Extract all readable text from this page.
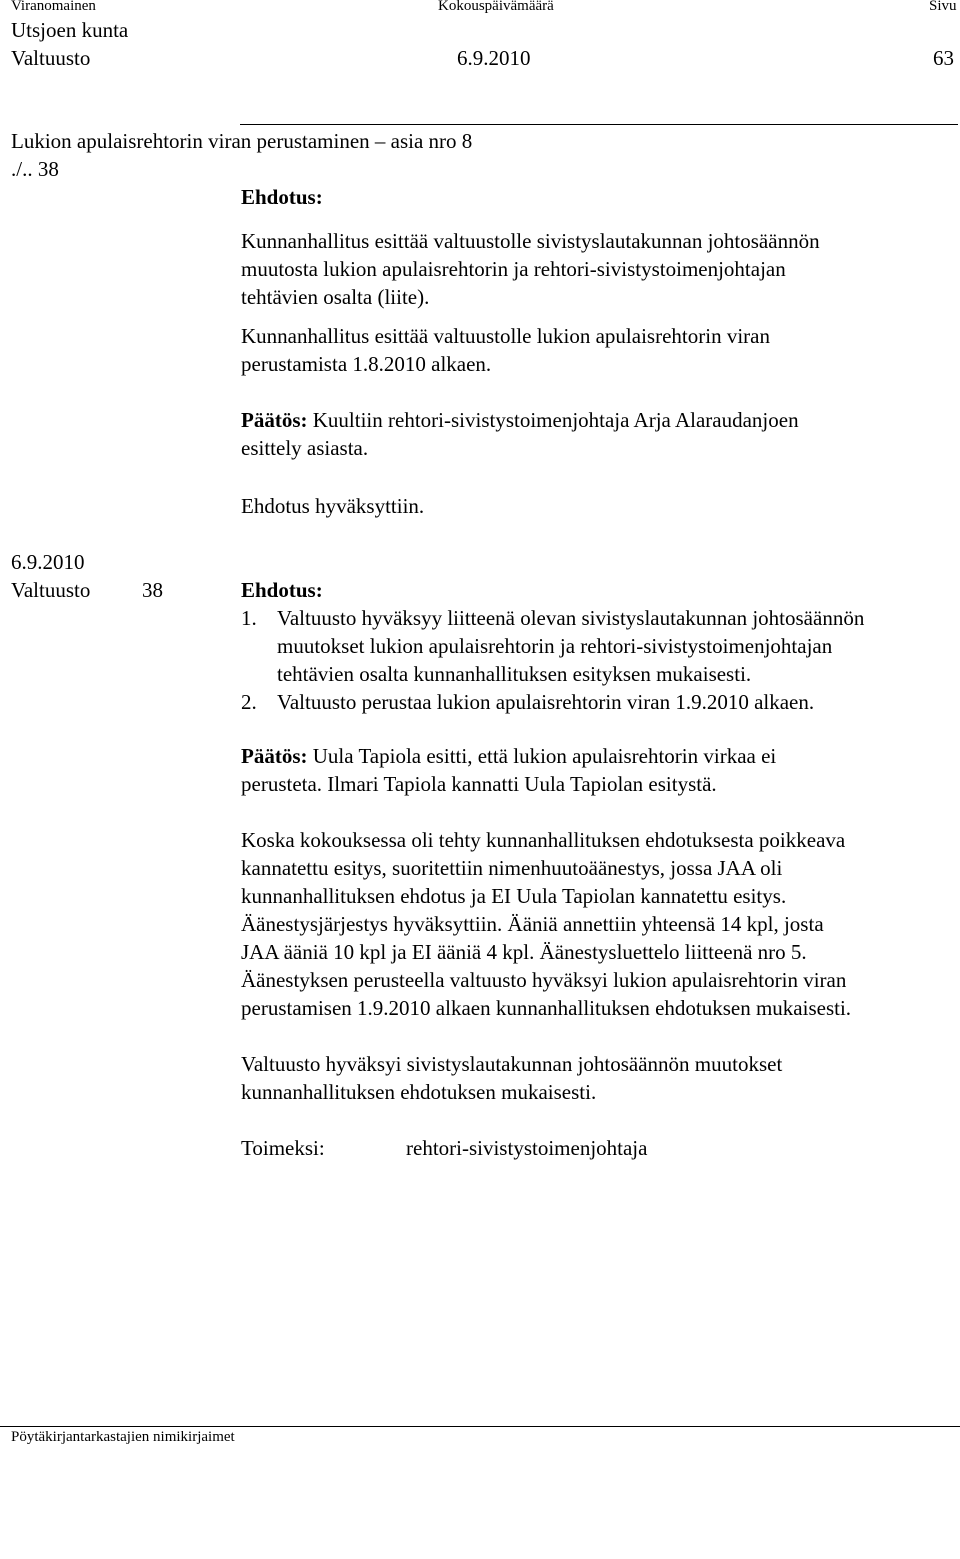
Viranomainen	Kokouspäivämäärä	Sivu
Utsjoen kunta
Valtuusto	6.9.2010	63
Lukion apulaisrehtorin viran perustaminen – asia nro 8
./.. 38
Ehdotus:
Kunnanhallitus esittää valtuustolle sivistyslautakunnan johtosäännön
muutosta lukion apulaisrehtorin ja rehtori-sivistystoimenjohtajan
tehtävien osalta (liite).
Kunnanhallitus esittää valtuustolle lukion apulaisrehtorin viran
perustamista 1.8.2010 alkaen.
Päätös: Kuultiin rehtori-sivistystoimenjohtaja Arja Alaraudanjoen
esittely asiasta.
Ehdotus hyväksyttiin.
6.9.2010
Valtuusto 38	Ehdotus:
1. Valtuusto hyväksyy liitteenä olevan sivistyslautakunnan johtosäännön
muutokset lukion apulaisrehtorin ja rehtori-sivistystoimenjohtajan
tehtävien osalta kunnanhallituksen esityksen mukaisesti.
2. Valtuusto perustaa lukion apulaisrehtorin viran 1.9.2010 alkaen.
Päätös: Uula Tapiola esitti, että lukion apulaisrehtorin virkaa ei
perusteta. Ilmari Tapiola kannatti Uula Tapiolan esitystä.
Koska kokouksessa oli tehty kunnanhallituksen ehdotuksesta poikkeava
kannatettu esitys, suoritettiin nimenhuutoäänestys, jossa JAA oli
kunnanhallituksen ehdotus ja EI Uula Tapiolan kannatettu esitys.
Äänestysjärjestys hyväksyttiin. Ääniä annettiin yhteensä 14 kpl, josta
JAA ääniä 10 kpl ja EI ääniä 4 kpl. Äänestysluettelo liitteenä nro 5.
Äänestyksen perusteella valtuusto hyväksyi lukion apulaisrehtorin viran
perustamisen 1.9.2010 alkaen kunnanhallituksen ehdotuksen mukaisesti.
Valtuusto hyväksyi sivistyslautakunnan johtosäännön muutokset
kunnanhallituksen ehdotuksen mukaisesti.
Toimeksi:	rehtori-sivistystoimenjohtaja
Pöytäkirjantarkastajien nimikirjaimet
